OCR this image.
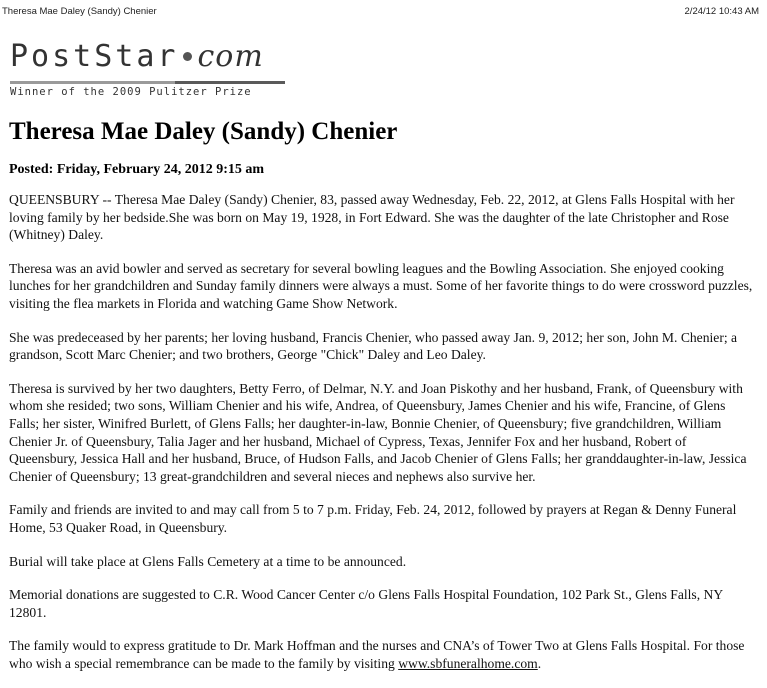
Theresa Mae Daley (Sandy) Chenier	2/24/12 10:43 AM
PostStar com
Winner of the 2009 Pulitzer Prize
Theresa Mae Daley (Sandy) Chenier
Posted: Friday, February 24, 2012 9:15 am

QUEENSBURY -- Theresa Mae Daley (Sandy) Chenier, 83, passed away Wednesday, Feb. 22, 2012, at Glens Falls Hospital with her loving family by her bedside.She was born on May 19, 1928, in Fort Edward. She was the daughter of the late Christopher and Rose (Whitney) Daley.

Theresa was an avid bowler and served as secretary for several bowling leagues and the Bowling Association. She enjoyed cooking lunches for her grandchildren and Sunday family dinners were always a must. Some of her favorite things to do were crossword puzzles, visiting the flea markets in Florida and watching Game Show Network.

She was predeceased by her parents; her loving husband, Francis Chenier, who passed away Jan. 9, 2012; her son, John M. Chenier; a grandson, Scott Marc Chenier; and two brothers, George "Chick" Daley and Leo Daley.

Theresa is survived by her two daughters, Betty Ferro, of Delmar, N.Y. and Joan Piskothy and her husband, Frank, of Queensbury with whom she resided; two sons, William Chenier and his wife, Andrea, of Queensbury, James Chenier and his wife, Francine, of Glens Falls; her sister, Winifred Burlett, of Glens Falls; her daughter-in-law, Bonnie Chenier, of Queensbury; five grandchildren, William Chenier Jr. of Queensbury, Talia Jager and her husband, Michael of Cypress, Texas, Jennifer Fox and her husband, Robert of Queensbury, Jessica Hall and her husband, Bruce, of Hudson Falls, and Jacob Chenier of Glens Falls; her granddaughter-in-law, Jessica Chenier of Queensbury; 13 great-grandchildren and several nieces and nephews also survive her.

Family and friends are invited to and may call from 5 to 7 p.m. Friday, Feb. 24, 2012, followed by prayers at Regan & Denny Funeral Home, 53 Quaker Road, in Queensbury.

Burial will take place at Glens Falls Cemetery at a time to be announced.

Memorial donations are suggested to C.R. Wood Cancer Center c/o Glens Falls Hospital Foundation, 102 Park St., Glens Falls, NY 12801.

The family would to express gratitude to Dr. Mark Hoffman and the nurses and CNA’s of Tower Two at Glens Falls Hospital. For those who wish a special remembrance can be made to the family by visiting www.sbfuneralhome.com.
